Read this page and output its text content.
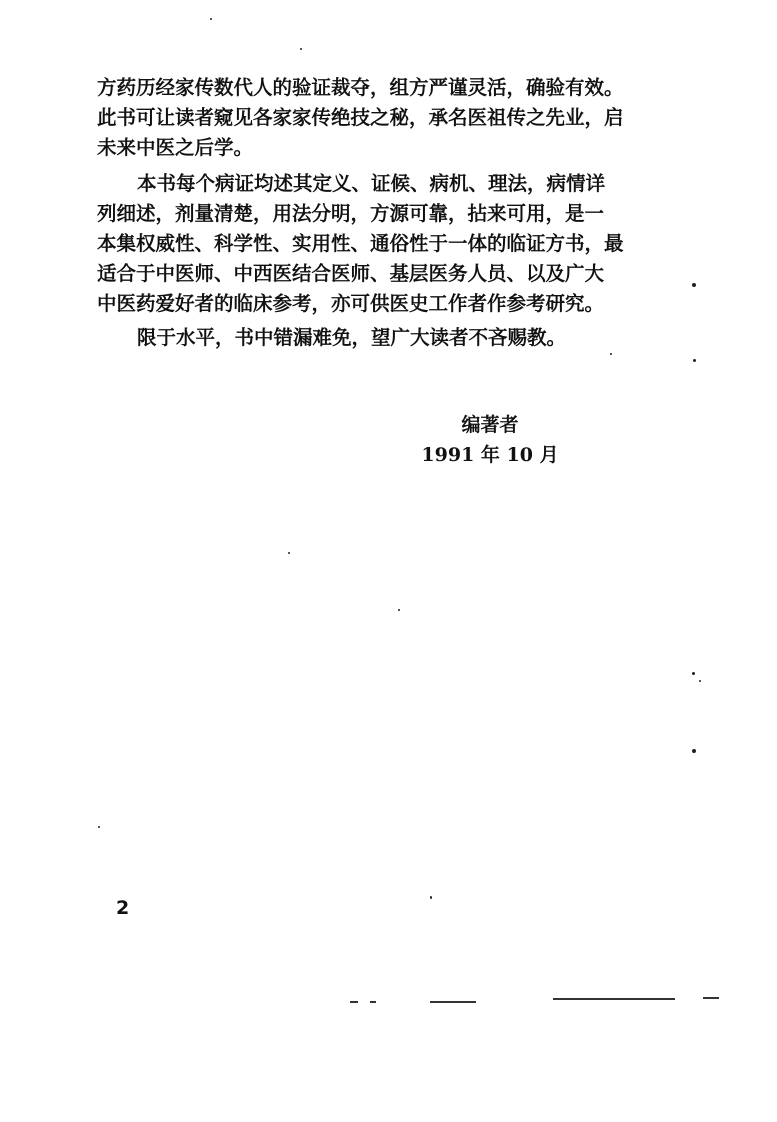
方药历经家传数代人的验证裁夺，组方严谨灵活，确验有效。
此书可让读者窥见各家家传绝技之秘，承名医祖传之先业，启
未来中医之后学。
本书每个病证均述其定义、证候、病机、理法，病情详
列细述，剂量清楚，用法分明，方源可靠，拈来可用，是一
本集权威性、科学性、实用性、通俗性于一体的临证方书，最
适合于中医师、中西医结合医师、基层医务人员、以及广大
中医药爱好者的临床参考，亦可供医史工作者作参考研究。
限于水平，书中错漏难免，望广大读者不吝赐教。
编著者
1991 年 10 月
2
